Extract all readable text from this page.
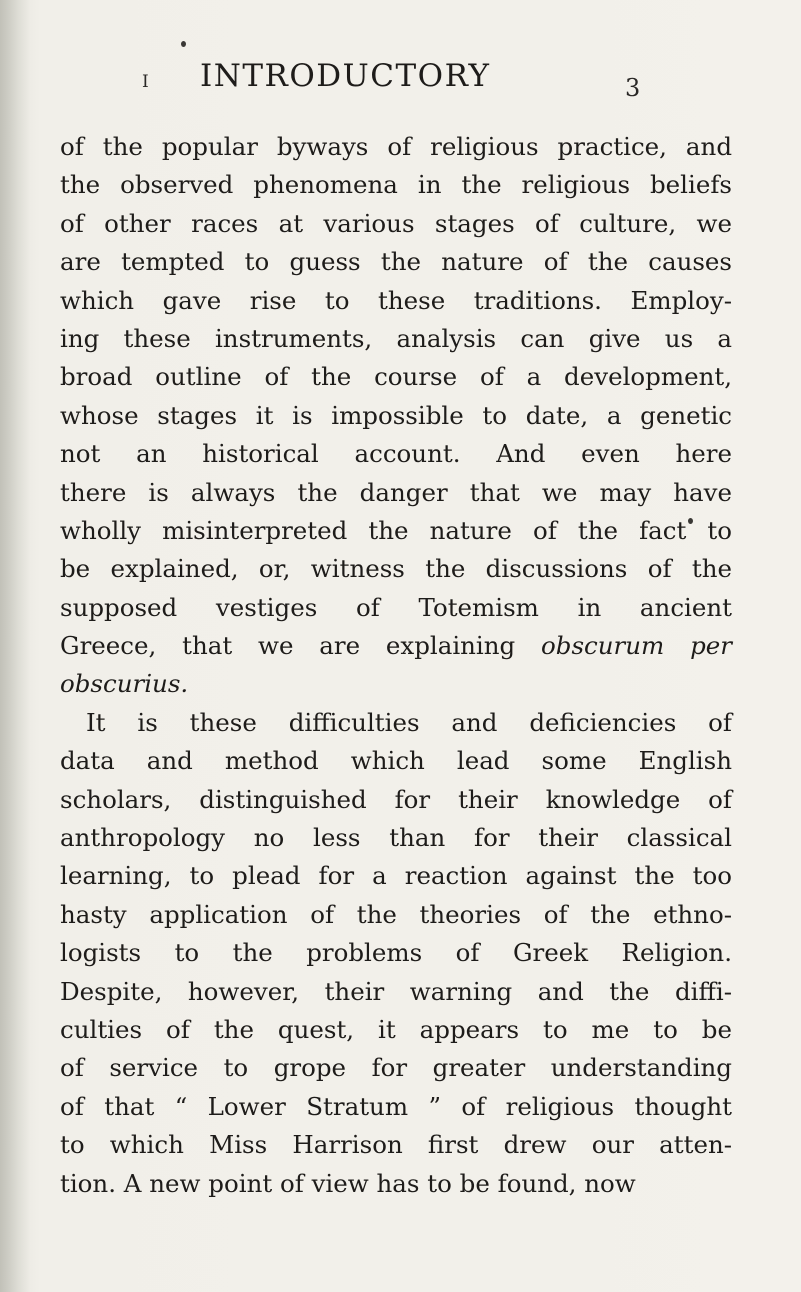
I INTRODUCTORY	3
of the popular byways of religious practice, and
the observed phenomena in the religious beliefs
of other races at various stages of culture, we
are tempted to guess the nature of the causes
which gave rise to these traditions. Employ-
ing these instruments, analysis can give us a
broad outline of the course of a development,
whose stages it is impossible to date, a genetic
not an historical account. And even here
there is always the danger that we may have
wholly misinterpreted the nature of the fact to
be explained, or, witness the discussions of the
supposed vestiges of Totemism in ancient
Greece, that we are explaining obscurum per
obscurius.
It is these difficulties and deficiencies of
data and method which lead some English
scholars, distinguished for their knowledge of
anthropology no less than for their classical
learning, to plead for a reaction against the too
hasty application of the theories of the ethno-
logists to the problems of Greek Religion.
Despite, however, their warning and the diffi-
culties of the quest, it appears to me to be
of service to grope for greater understanding
of that “ Lower Stratum ” of religious thought
to which Miss Harrison first drew our atten-
tion. A new point of view has to be found, now
